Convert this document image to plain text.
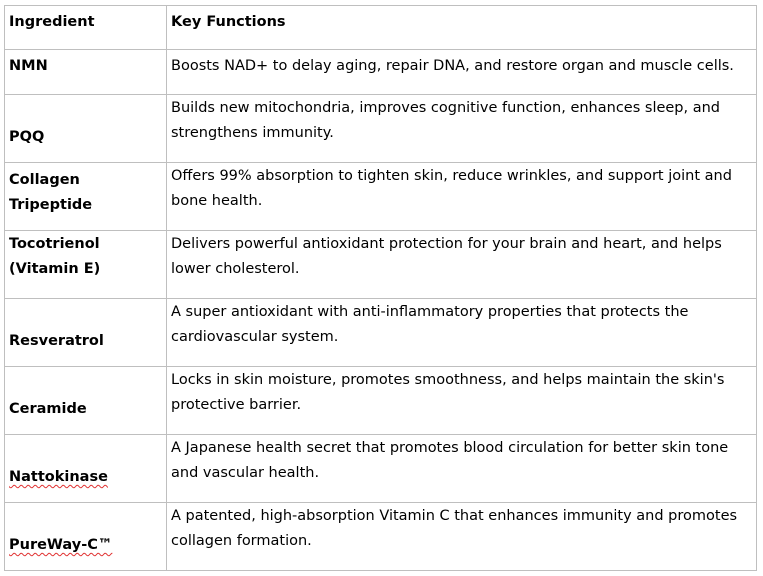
Ingredient	Key Functions
NMN	Boosts NAD+ to delay aging, repair DNA, and restore organ and muscle cells.
PQQ	Builds new mitochondria, improves cognitive function, enhances sleep, and strengthens immunity.
Collagen Tripeptide	Offers 99% absorption to tighten skin, reduce wrinkles, and support joint and bone health.
Tocotrienol (Vitamin E)	Delivers powerful antioxidant protection for your brain and heart, and helps lower cholesterol.
Resveratrol	A super antioxidant with anti-inflammatory properties that protects the cardiovascular system.
Ceramide	Locks in skin moisture, promotes smoothness, and helps maintain the skin's protective barrier.
Nattokinase	A Japanese health secret that promotes blood circulation for better skin tone and vascular health.
PureWay-C™	A patented, high-absorption Vitamin C that enhances immunity and promotes collagen formation.
